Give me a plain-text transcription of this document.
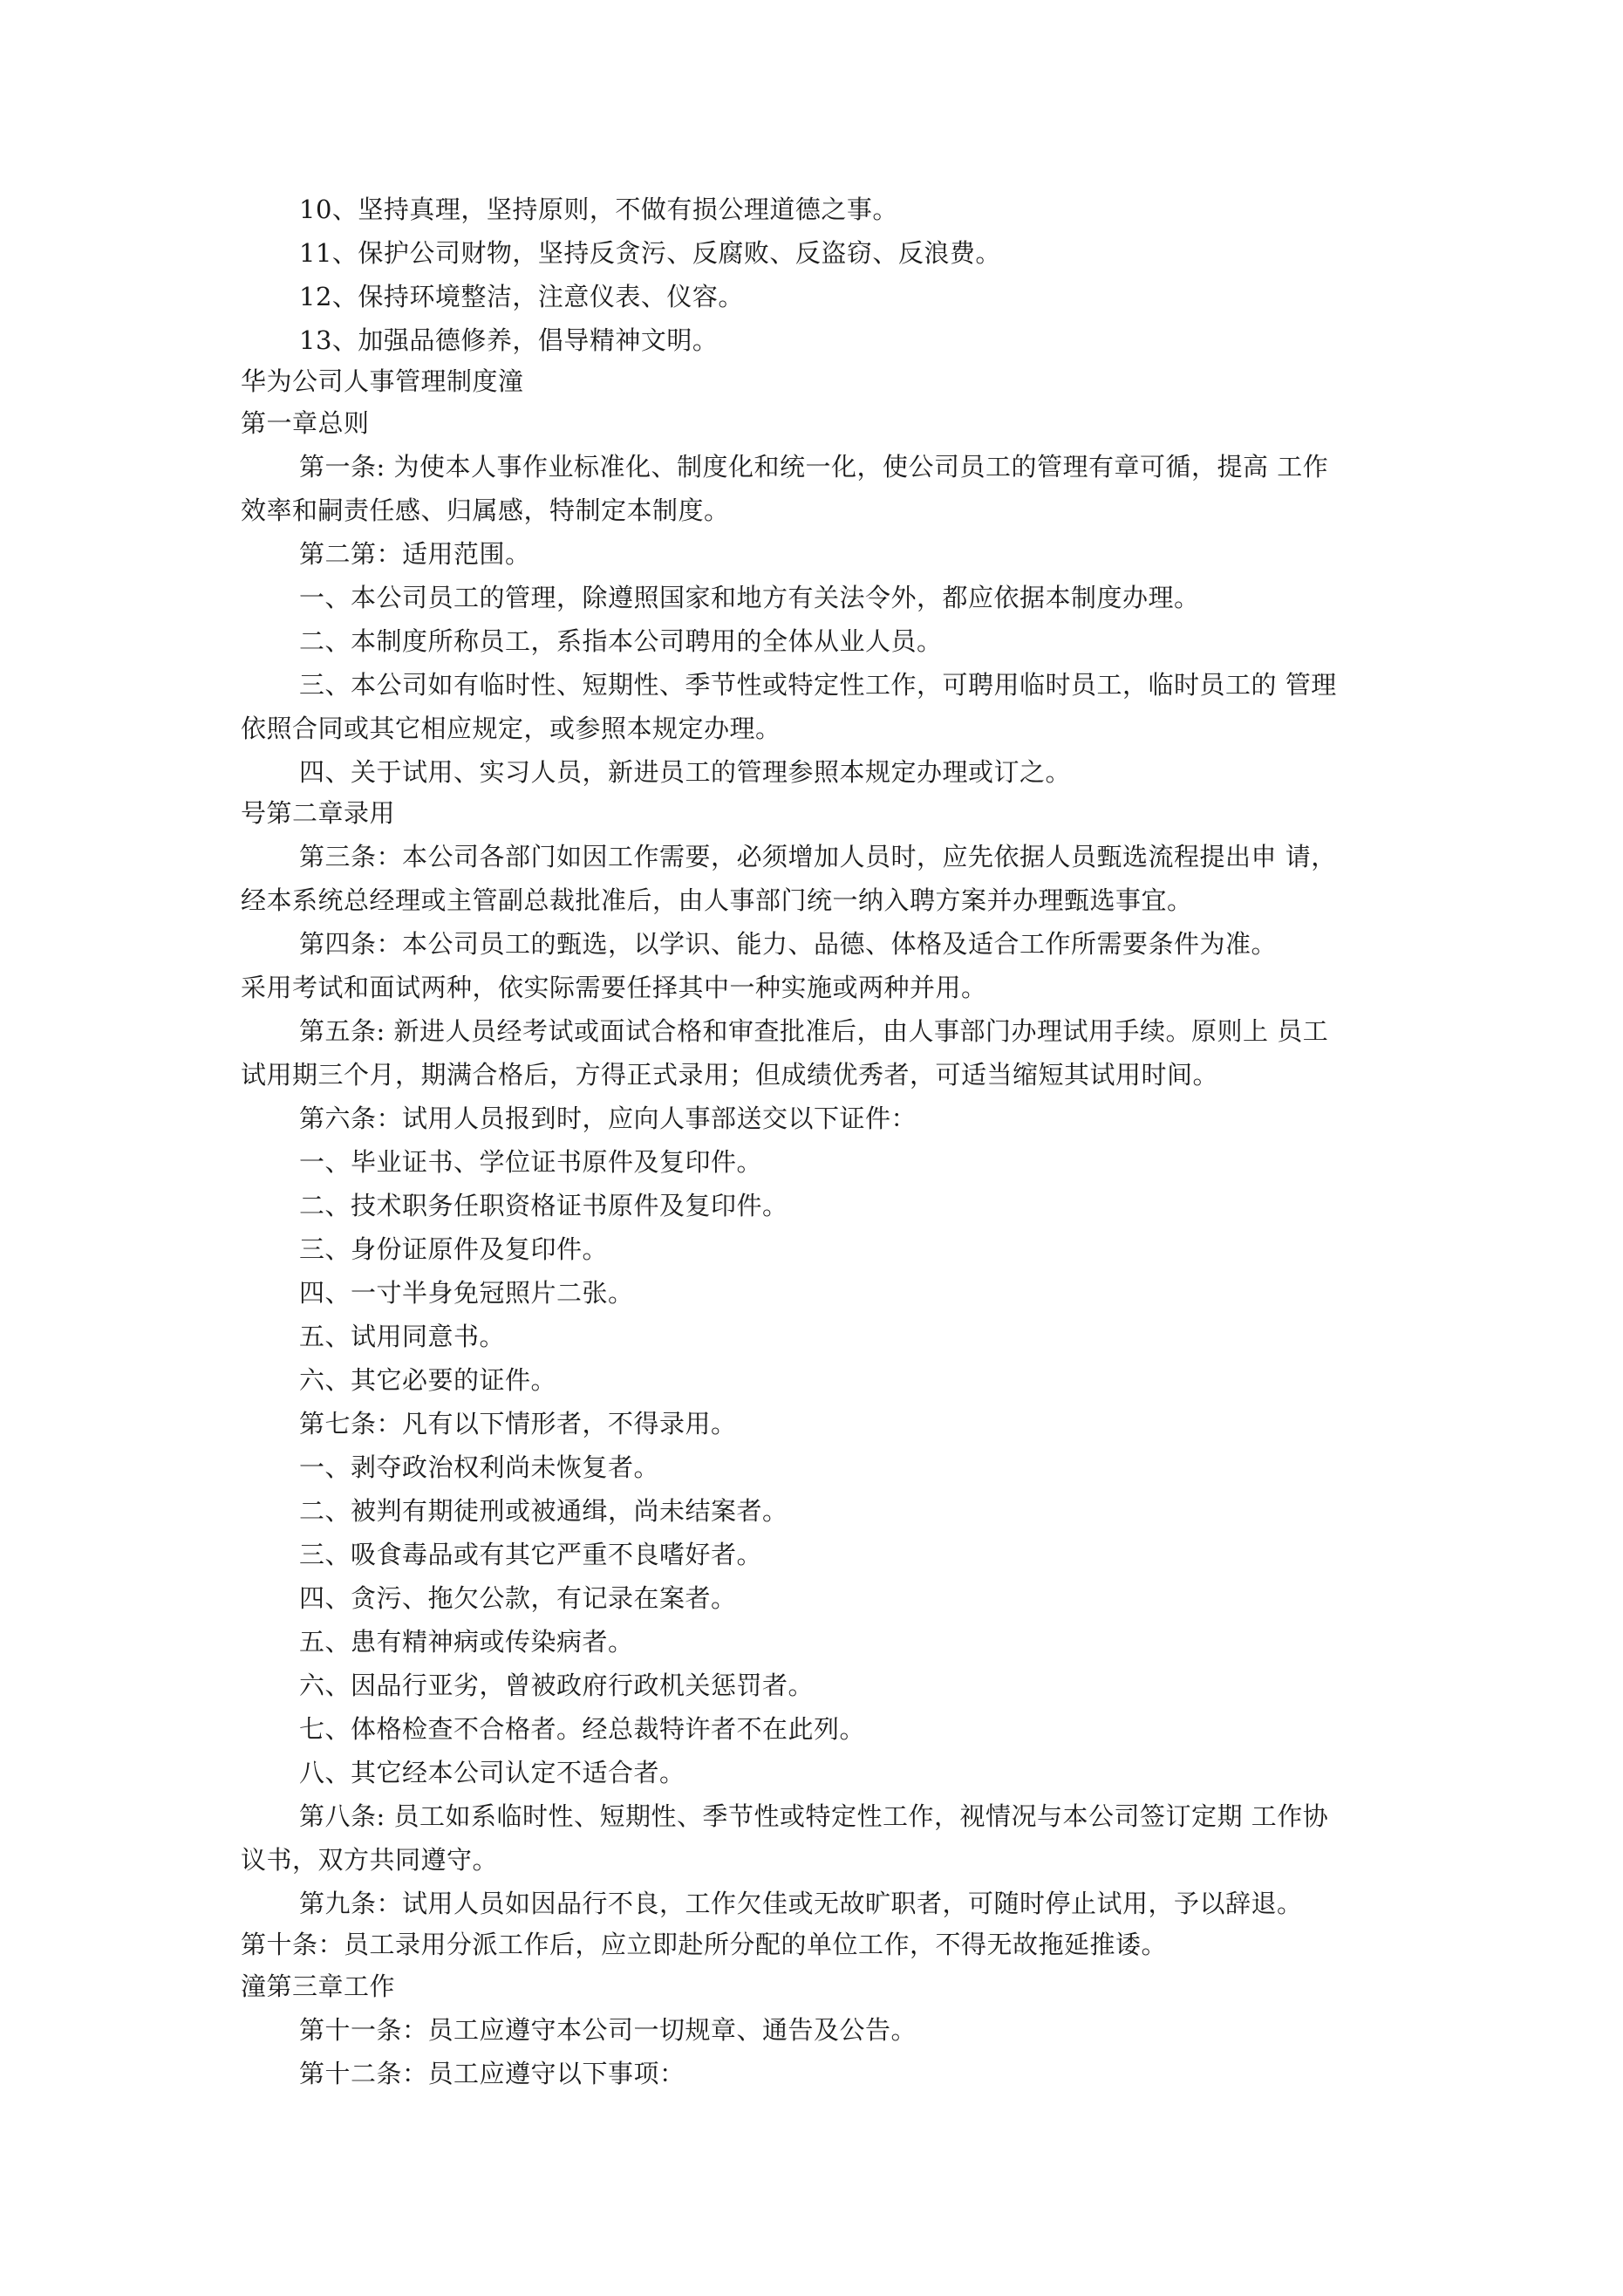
10、坚持真理，坚持原则，不做有损公理道德之事。

11、保护公司财物，坚持反贪污、反腐败、反盗窃、反浪费。

12、保持环境整洁，注意仪表、仪容。

13、加强品德修养，倡导精神文明。

华为公司人事管理制度潼

第一章总则

第一条: 为使本人事作业标准化、制度化和统一化，使公司员工的管理有章可循，提高 工作

效率和嗣责任感、归属感，特制定本制度。

第二第：适用范围。

一、本公司员工的管理，除遵照国家和地方有关法令外，都应依据本制度办理。

二、本制度所称员工，系指本公司聘用的全体从业人员。

三、本公司如有临时性、短期性、季节性或特定性工作，可聘用临时员工，临时员工的 管理

依照合同或其它相应规定，或参照本规定办理。

四、关于试用、实习人员，新进员工的管理参照本规定办理或订之。

号第二章录用

第三条：本公司各部门如因工作需要，必须增加人员时，应先依据人员甄选流程提出申 请，

经本系统总经理或主管副总裁批准后，由人事部门统一纳入聘方案并办理甄选事宜。

第四条：本公司员工的甄选，以学识、能力、品德、体格及适合工作所需要条件为准。

采用考试和面试两种，依实际需要任择其中一种实施或两种并用。

第五条: 新进人员经考试或面试合格和审查批准后，由人事部门办理试用手续。原则上 员工

试用期三个月，期满合格后，方得正式录用；但成绩优秀者，可适当缩短其试用时间。

第六条：试用人员报到时，应向人事部送交以下证件：

一、毕业证书、学位证书原件及复印件。

二、技术职务任职资格证书原件及复印件。

三、身份证原件及复印件。

四、一寸半身免冠照片二张。

五、试用同意书。

六、其它必要的证件。

第七条：凡有以下情形者，不得录用。

一、剥夺政治权利尚未恢复者。

二、被判有期徒刑或被通缉，尚未结案者。

三、吸食毒品或有其它严重不良嗜好者。

四、贪污、拖欠公款，有记录在案者。

五、患有精神病或传染病者。

六、因品行亚劣，曾被政府行政机关惩罚者。

七、体格检查不合格者。经总裁特许者不在此列。

八、其它经本公司认定不适合者。

第八条: 员工如系临时性、短期性、季节性或特定性工作，视情况与本公司签订定期 工作协

议书，双方共同遵守。

第九条：试用人员如因品行不良，工作欠佳或无故旷职者，可随时停止试用，予以辞退。

第十条：员工录用分派工作后，应立即赴所分配的单位工作，不得无故拖延推诿。

潼第三章工作

第十一条：员工应遵守本公司一切规章、通告及公告。

第十二条：员工应遵守以下事项：
